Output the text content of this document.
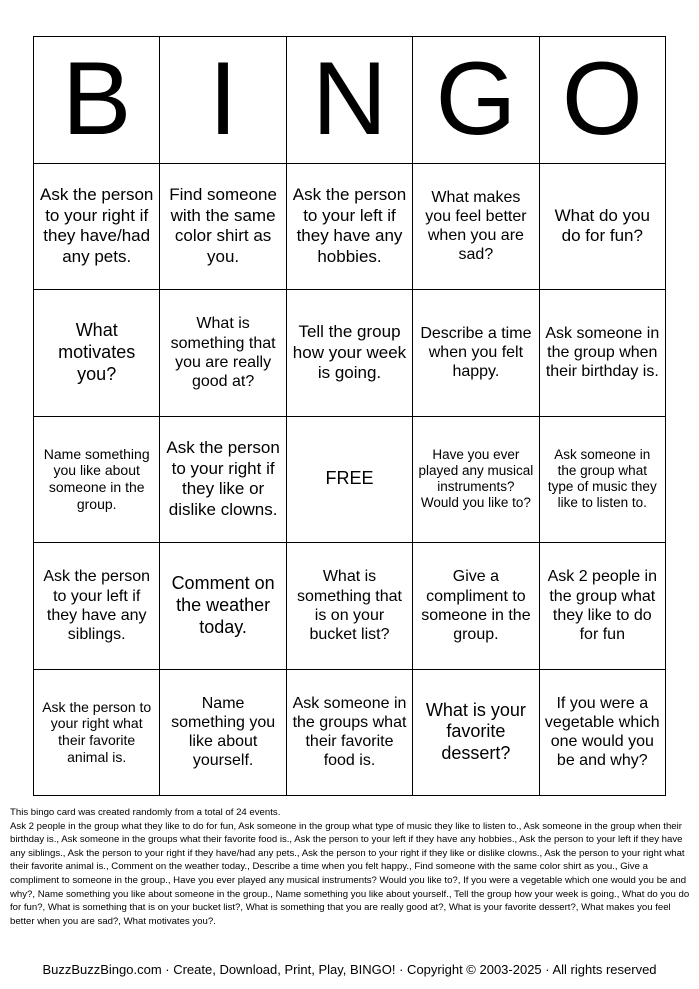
B I N G O
Ask the person to your right if they have/had any pets.
Find someone with the same color shirt as you.
Ask the person to your left if they have any hobbies.
What makes you feel better when you are sad?
What do you do for fun?
What motivates you?
What is something that you are really good at?
Tell the group how your week is going.
Describe a time when you felt happy.
Ask someone in the group when their birthday is.
Name something you like about someone in the group.
Ask the person to your right if they like or dislike clowns.
FREE
Have you ever played any musical instruments? Would you like to?
Ask someone in the group what type of music they like to listen to.
Ask the person to your left if they have any siblings.
Comment on the weather today.
What is something that is on your bucket list?
Give a compliment to someone in the group.
Ask 2 people in the group what they like to do for fun
Ask the person to your right what their favorite animal is.
Name something you like about yourself.
Ask someone in the groups what their favorite food is.
What is your favorite dessert?
If you were a vegetable which one would you be and why?

This bingo card was created randomly from a total of 24 events.

Ask 2 people in the group what they like to do for fun, Ask someone in the group what type of music they like to listen to., Ask someone in the group when their birthday is., Ask someone in the groups what their favorite food is., Ask the person to your left if they have any hobbies., Ask the person to your left if they have any siblings., Ask the person to your right if they have/had any pets., Ask the person to your right if they like or dislike clowns., Ask the person to your right what their favorite animal is., Comment on the weather today., Describe a time when you felt happy., Find someone with the same color shirt as you., Give a compliment to someone in the group., Have you ever played any musical instruments? Would you like to?, If you were a vegetable which one would you be and why?, Name something you like about someone in the group., Name something you like about yourself., Tell the group how your week is going., What do you do for fun?, What is something that is on your bucket list?, What is something that you are really good at?, What is your favorite dessert?, What makes you feel better when you are sad?, What motivates you?.

BuzzBuzzBingo.com · Create, Download, Print, Play, BINGO! · Copyright © 2003-2025 · All rights reserved
